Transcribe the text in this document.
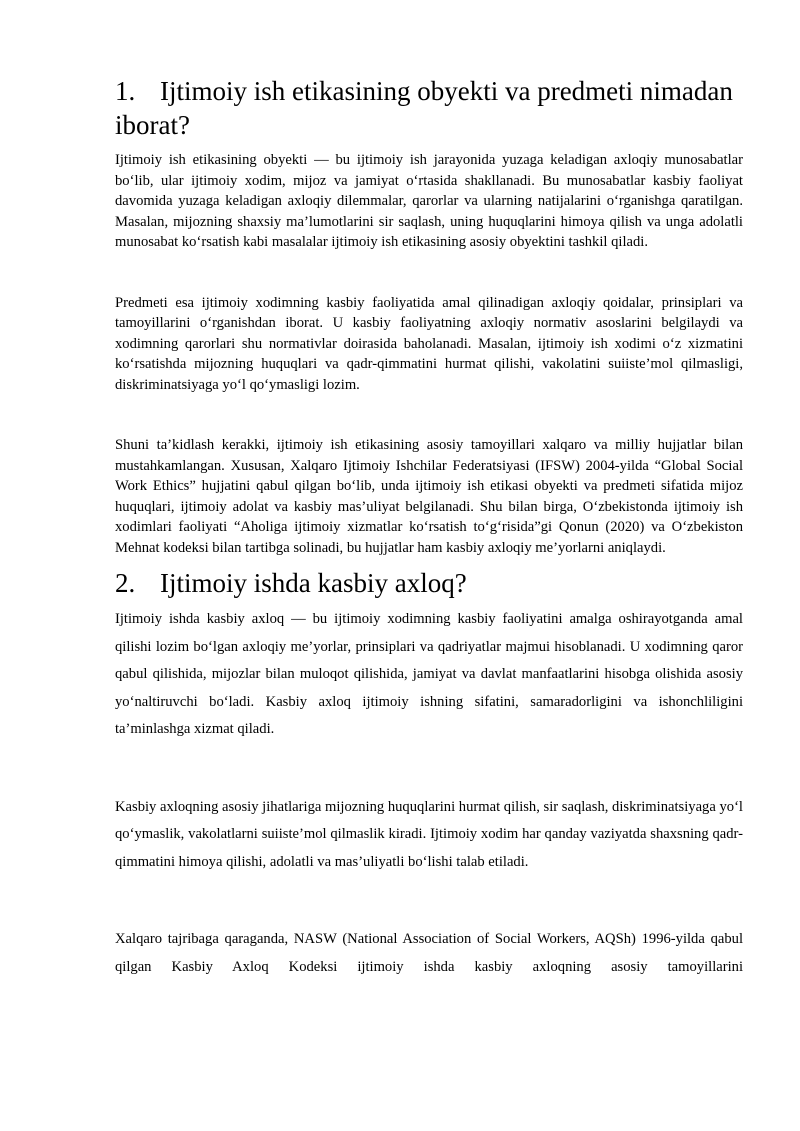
1. Ijtimoiy ish etikasining obyekti va predmeti nimadan iborat?

Ijtimoiy ish etikasining obyekti — bu ijtimoiy ish jarayonida yuzaga keladigan axloqiy munosabatlar bo‘lib, ular ijtimoiy xodim, mijoz va jamiyat o‘rtasida shakllanadi. Bu munosabatlar kasbiy faoliyat davomida yuzaga keladigan axloqiy dilemmalar, qarorlar va ularning natijalarini o‘rganishga qaratilgan. Masalan, mijozning shaxsiy ma’lumotlarini sir saqlash, uning huquqlarini himoya qilish va unga adolatli munosabat ko‘rsatish kabi masalalar ijtimoiy ish etikasining asosiy obyektini tashkil qiladi.

Predmeti esa ijtimoiy xodimning kasbiy faoliyatida amal qilinadigan axloqiy qoidalar, prinsiplari va tamoyillarini o‘rganishdan iborat. U kasbiy faoliyatning axloqiy normativ asoslarini belgilaydi va xodimning qarorlari shu normativlar doirasida baholanadi. Masalan, ijtimoiy ish xodimi o‘z xizmatini ko‘rsatishda mijozning huquqlari va qadr-qimmatini hurmat qilishi, vakolatini suiiste’mol qilmasligi, diskriminatsiyaga yo‘l qo‘ymasligi lozim.

Shuni ta’kidlash kerakki, ijtimoiy ish etikasining asosiy tamoyillari xalqaro va milliy hujjatlar bilan mustahkamlangan. Xususan, Xalqaro Ijtimoiy Ishchilar Federatsiyasi (IFSW) 2004-yilda “Global Social Work Ethics” hujjatini qabul qilgan bo‘lib, unda ijtimoiy ish etikasi obyekti va predmeti sifatida mijoz huquqlari, ijtimoiy adolat va kasbiy mas’uliyat belgilanadi. Shu bilan birga, O‘zbekistonda ijtimoiy ish xodimlari faoliyati “Aholiga ijtimoiy xizmatlar ko‘rsatish to‘g‘risida”gi Qonun (2020) va O‘zbekiston Mehnat kodeksi bilan tartibga solinadi, bu hujjatlar ham kasbiy axloqiy me’yorlarni aniqlaydi.

2. Ijtimoiy ishda kasbiy axloq?

Ijtimoiy ishda kasbiy axloq — bu ijtimoiy xodimning kasbiy faoliyatini amalga oshirayotganda amal qilishi lozim bo‘lgan axloqiy me’yorlar, prinsiplari va qadriyatlar majmui hisoblanadi. U xodimning qaror qabul qilishida, mijozlar bilan muloqot qilishida, jamiyat va davlat manfaatlarini hisobga olishida asosiy yo‘naltiruvchi bo‘ladi. Kasbiy axloq ijtimoiy ishning sifatini, samaradorligini va ishonchliligini ta’minlashga xizmat qiladi.

Kasbiy axloqning asosiy jihatlariga mijozning huquqlarini hurmat qilish, sir saqlash, diskriminatsiyaga yo‘l qo‘ymaslik, vakolatlarni suiiste’mol qilmaslik kiradi. Ijtimoiy xodim har qanday vaziyatda shaxsning qadr-qimmatini himoya qilishi, adolatli va mas’uliyatli bo‘lishi talab etiladi.

Xalqaro tajribaga qaraganda, NASW (National Association of Social Workers, AQSh) 1996-yilda qabul qilgan Kasbiy Axloq Kodeksi ijtimoiy ishda kasbiy axloqning asosiy tamoyillarini
